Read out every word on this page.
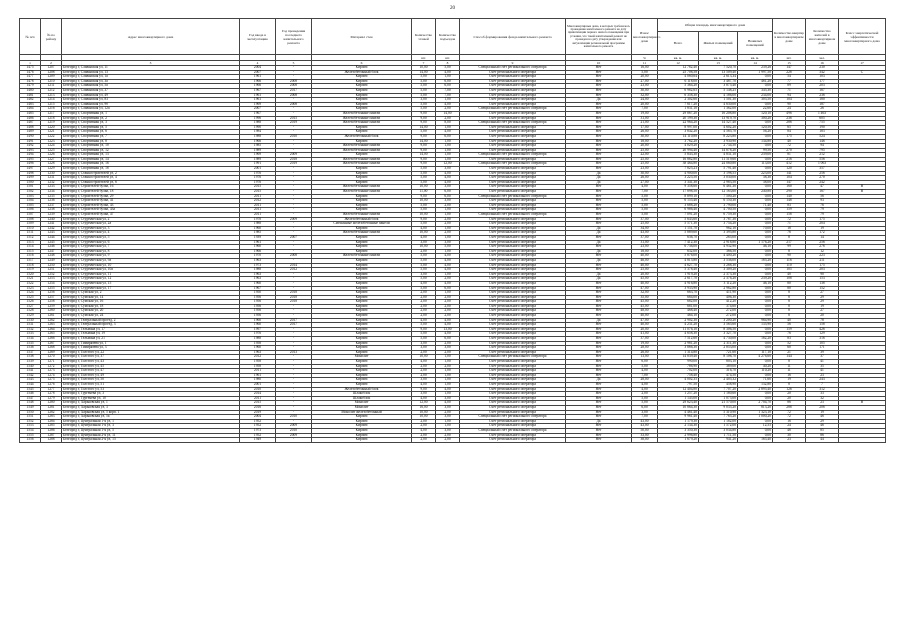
20
№ п/п	№ по району	Адрес многоквартирного дома	Год ввода в эксплуатацию	Год проведения последнего капитального ремонта	Материал стен	Количество этажей	Количество подъездов	Способ формирования фонда капитального ремонта	Многоквартирные дома, в которых требовалось проведение капитального ремонта на дату приватизации первого жилого помещения при условии, что такой капитальный ремонт не проведен на дату утверждения или актуализации региональной программы капитального ремонта	Износ многоквартирного дома	Общая площадь многоквартирного дома			Количество квартир в многоквартирном доме	Количество жителей в многоквартирном доме	Класс энергетической эффективности многоквартирного дома
											Всего	Жилых помещений	Нежилых помещений			
						шт.	шт.			%	кв. м.	кв. м.	кв. м.	шт.	чел.	
1	2	3	4	5	6	7	8	9	10	11	12	13	14	15	16	17
1475	1207	Белгород г, Славянская ул, 11	2004	-	Кирпич	10,00	5,00	Специальный счёт регионального оператора	Нет	16,00	12 782,40	7 520,70	239,26	147	230	
1476	1208	Белгород г, Славянская ул, 13	2007	-	Железобетонный блок	14,00	4,00	Счёт регионального оператора	Нет	5,00	25 708,58	13 509,40	1 997,50	228	342	С
1477	1209	Белгород г, Славянская ул, 1а	1961	-	Кирпич	5,00	1,00	Счёт регионального оператора	Нет	20,00	4 060,64	2 613,34	0,00	54	103	
1478	1210	Белгород г, Славянская ул, 3а	1966	2008	Кирпич	5,00	6,00	Счёт регионального оператора	Нет	27,00	6 118,00	3 487,70	461,20	77	177	
1479	1211	Белгород г, Славянская ул, 5а	1966	2008	Кирпич	5,00	6,00	Счёт регионального оператора	Нет	23,00	5 364,20	3 875,40	0,00	89	203	
1480	1212	Белгород г, Славянская ул, 37	1967	2017	Кирпич	5,00	7,00	Счёт регионального оператора	Нет	30,00	6 982,65	5 148,25	345,30	71	167	
1481	1213	Белгород г, Славянская ул, 49	1961	2008	Кирпич	5,00	7,00	Счёт регионального оператора	Нет	32,00	6 358,30	4 186,00	234,00	94	236	
1482	1214	Белгород г, Славянская ул, 83	1961	-	Кирпич	3,00	1,00	Счёт регионального оператора	Да	24,00	2 302,60	1 501,30	305,50	104	180	
1483	1215	Белгород г, Славянская ул, 9б	1969	2008	Кирпич	5,00	4,00	Счёт регионального оператора	Нет	20,00	7 617,20	4 630,00	0,00	90	187	
1484	1216	Белгород г, Славянская ул, 12а	2007	-	Кирпич	5,00	2,00	Специальный счёт регионального оператора	Нет	7,00	1 831,10	1 362,00	22,60	24	26	
1485	1217	Белгород г, Спортивная ул, 1	1967	-	Железобетонные панели	9,00	14,00	Счёт регионального оператора	Нет	19,00	29 867,20	16 208,80	120,10	496	1 463	
1486	1218	Белгород г, Спортивная ул, 2	1996	2015	Железобетонные панели	9,00	2,00	Счёт регионального оператора	Нет	31,00	20 199,30	13 919,70	300,20	236	605	
1487	1219	Белгород г, Спортивная ул, 3	1988	2019	Железобетонные панели	9,00	8,00	Специальный счёт регионального оператора	Нет	21,00	22 964,20	14 527,40	0,00	286	755	
1488	1220	Белгород г, Спортивная ул, 5	1990	-	Кирпич	14,00	1,00	Счёт регионального оператора	Нет	17,00	8 997,00	4 602,20	120,50	65	190	
1489	1221	Белгород г, Спортивная ул, 6	1984	-	Кирпич	5,00	4,00	Счёт регионального оператора	Нет	26,00	3 842,20	4 585,70	56,20	84	183	
1490	1222	Белгород г, Спортивная ул, 7	1988	2010	Железобетонный блок	9,00	6,00	Счёт регионального оператора	Нет	30,00	14 110,88	8 223,80	0,00	175	524	
1491	1223	Белгород г, Спортивная ул, 8	1966	-	Кирпич	14,00	1,00	Счёт регионального оператора	Нет	18,00	3 762,20	3 930,90	134,80	40	146	
1492	1224	Белгород г, Спортивная ул, 10	1985	-	Железобетонные панели	9,00	1,00	Счёт регионального оператора	Нет	20,00	4 029,20	2 734,50	0,00	72	94	
1493	1225	Белгород г, Спортивная ул, 12	1989	-	Железобетонные панели	9,00	1,00	Счёт регионального оператора	Нет	25,00	20 994,40	14 678,20	99,50	270	795	
1494	1226	Белгород г, Спортивная ул, 13	1969	2009	Кирпич	14,00	1,00	Специальный счёт регионального оператора	Нет	22,00	5 843,30	4 831,10	239,00	81	212	
1495	1227	Белгород г, Спортивная ул, 14	1989	2018	Железобетонные панели	9,00	1,00	Счёт регионального оператора	Нет	25,00	16 882,80	11 519,60	0,00	216	556	
1496	1228	Белгород г, Спортивная ул, 16	1991	2019	Железобетонные панели	9,00	12,00	Специальный счёт регионального оператора	Нет	25,00	38 464,80	24 060,80	113,00	412	1 063	
1497	1229	Белгород г, Спортивная ул, 18	2001	-	Кирпич	5,00	3,00	Счёт регионального оператора	Нет	23,00	7 825,23	5 791,40	0,00	120	357	
1498	1230	Белгород г, Станкостроителей ул, 2	1976	-	Кирпич	5,00	4,00	Счёт регионального оператора	Да	30,00	4 900,00	3 198,55	223,00	141	256	
1499	1231	Белгород г, Станкостроителей ул, 4	1976	-	Кирпич	5,00	4,00	Счёт регионального оператора	Да	26,00	3 225,50	3 030,00	38,30	104	270	
1500	1232	Белгород г, Станкостроителей ул, 6	1976	-	Кирпич	5,00	4,00	Счёт регионального оператора	Да	27,00	3 341,30	2 983,50	38,00	147	242	
1501	1233	Белгород г, Строителей бульв, 16	2015	-	Железобетонные панели	10,00	3,00	Счёт регионального оператора	Нет	4,00	9 358,60	6 461,30	0,00	160	47	В
1502	1234	Белгород г, Строителей бульв, 18	2015	-	Железобетонные панели	11,00	6,00	Счёт регионального оператора	Нет	7,00	17 898,50	12 163,60	240,80	290	167	В
1503	1235	Белгород г, Строителей бульв, 29	2011	-	Кирпич	9,00	6,00	Специальный счёт регионального оператора	Нет	5,00	8 899,10	7 500,20	0,00	140	56	
1504	1236	Белгород г, Строителей бульв, 41	2012	-	Кирпич	10,00	3,00	Счёт регионального оператора	Нет	5,00	6 155,40	6 150,30	0,00	148	93	
1505	1237	Белгород г, Строителей бульв, 43	2011	-	Кирпич	5,00	2,00	Счёт регионального оператора	Нет	5,00	3 688,20	3 790,00	71,40	83	76	
1506	1238	Белгород г, Строителей бульв, 43а	2011	-	Кирпич	5,00	1,00	Счёт регионального оператора	Нет	5,00	6 986,40	4 700,50	0,00	159	79	
1507	1239	Белгород г, Строителей бульв, 47	2011	-	Железобетонные панели	10,00	1,00	Специальный счёт регионального оператора	Нет	5,00	7 091,20	6 759,30	0,00	158	79	
1508	1240	Белгород г, Студенческая ул, 2	1978	2009	Железобетонный блок	9,00	2,00	Счёт регионального оператора	Нет	37,00	5 643,60	3 787,30	0,00	72	175	
1509	1241	Белгород г, Студенческая ул, 2а	1988	-	Смешанные железобетонные панели	5,00	2,00	Счёт регионального оператора	Нет	25,00	5 571,30	3 754,20	0,00	71	204	
1510	1242	Белгород г, Студенческая ул, 3	1960	-	Кирпич	4,00	1,00	Счёт регионального оператора	Да	34,00	1 151,70	962,10	70,00	18	19	
1511	1243	Белгород г, Студенческая ул, 4	1985	-	Железобетонные панели	10,00	2,00	Счёт регионального оператора	Да	43,00	5 889,60	3 395,80	0,00	76	172	
1512	1244	Белгород г, Студенческая ул, 5	1939	2007	Кирпич	4,00	1,00	Счёт регионального оператора	Нет	37,00	636,70	265,00	0,00	8	14	
1513	1245	Белгород г, Студенческая ул, 6	1961	-	Кирпич	3,00	3,00	Счёт регионального оператора	Да	31,00	7 412,30	2 918,80	1 176,20	217	256	
1514	1246	Белгород г, Студенческая ул, 7	1960	-	Кирпич	10,00	5,00	Счёт регионального оператора	Нет	23,00	6 736,00	4 932,90	46,10	99	276	
1515	1247	Белгород г, Студенческая ул, 8	1966	-	Кирпич	2,00	1,00	Счёт регионального оператора	Да	18,00	632,00	366,50	0,00	8	12	
1516	1248	Белгород г, Студенческая ул, 9	1970	2008	Железобетонные панели	5,00	4,00	Счёт регионального оператора	Нет	40,00	5 876,00	4 400,20	0,00	90	223	
1517	1249	Белгород г, Студенческая ул, 9а	1963	-	Кирпич	5,00	4,00	Счёт регионального оператора	Да	46,00	4 815,80	3 536,00	185,20	116	211	
1518	1250	Белгород г, Студенческая ул, 10	1973	2014	Кирпич	5,00	4,00	Счёт регионального оператора	Нет	40,00	4 627,70	3 268,30	0,00	110	175	
1519	1251	Белгород г, Студенческая ул, 10а	1988	2012	Кирпич	5,00	4,00	Счёт регионального оператора	Нет	25,00	5 378,40	3 309,20	0,00	105	203	
1520	1252	Белгород г, Студенческая ул, 11	1963	-	Кирпич	3,00	1,00	Счёт регионального оператора	Да	20,00	1 919,20	2 373,30	0,00	40	90	
1521	1253	Белгород г, Студенческая ул, 12	1963	-	Кирпич	5,00	2,00	Счёт регионального оператора	Да	45,00	2 617,70	2 376,20	239,20	108	153	
1522	1254	Белгород г, Студенческая ул, 15	1960	-	Кирпич	4,00	4,00	Счёт регионального оператора	Нет	40,00	4 916,80	3 112,20	46,10	80	138	
1523	1255	Белгород г, Студенческая ул, 17	1967	-	Кирпич	5,00	6,00	Счёт регионального оператора	Нет	47,00	3 933,90	2 962,80	0,00	80	152	
1524	1256	Белгород г, Сумская ул, 2	1950	2018	Кирпич	2,00	1,00	Счёт регионального оператора	Нет	32,00	663,70	411,90	0,00	8	27	
1525	1257	Белгород г, Сумская ул, 14	1956	2018	Кирпич	2,00	2,00	Счёт регионального оператора	Нет	35,00	684,00	406,30	0,00	8	29	
1526	1258	Белгород г, Сумская ул, 16	1956	2018	Кирпич	2,00	2,00	Счёт регионального оператора	Нет	45,00	682,00	412,20	0,00	8	29	
1527	1259	Белгород г, Сумская ул, 18	1956	-	Кирпич	2,00	2,00	Счёт регионального оператора	Нет	45,00	681,00	374,60	0,00	8	19	
1528	1260	Белгород г, Сумская ул, 20	1956	-	Кирпич	2,00	2,00	Счёт регионального оператора	Нет	48,00	468,40	272,00	0,00	8	27	
1529	1261	Белгород г, Сумская ул, 24	1956	-	Кирпич	2,00	2,00	Счёт регионального оператора	Нет	40,00	464,10	272,00	0,00	8	20	
1530	1262	Белгород г, Театральный проезд, 2	1960	2017	Кирпич	4,00	4,00	Счёт регионального оператора	Да	47,00	2 902,30	3 200,20	984,90	40	78	
1531	1263	Белгород г, Театральный проезд, 3	1960	2017	Кирпич	5,00	4,00	Счёт регионального оператора	Нет	40,00	4 231,20	3 565,60	135,90	56	158	
1532	1264	Белгород г, Тельмана ул, 17	1997	-	Кирпич	9,00	13,00	Счёт регионального оператора	Нет	20,00	11 076,10	8 306,50	0,00	159	426	
1533	1265	Белгород г, Тельмана ул, 19	1976	-	Кирпич	5,00	4,00	Счёт регионального оператора	Нет	41,00	4 658,30	3 327,70	0,00	76	129	
1534	1266	Белгород г, Тельмана ул, 21	1988	-	Кирпич	5,00	6,00	Счёт регионального оператора	Нет	37,00	7 512,60	4 730,00	182,20	83	316	
1535	1267	Белгород г, Тимирязева ул, 1	1958	-	Кирпич	3,00	2,00	Счёт регионального оператора	Нет	19,00	2 981,20	2 311,30	0,00	52	105	
1536	1268	Белгород г, Тимирязева ул, 3	1960	-	Кирпич	3,00	3,00	Счёт регионального оператора	Нет	28,00	3 866,30	2 853,00	0,00	60	171	
1537	1269	Белгород г, Толстого ул, 22	1963	2013	Кирпич	2,00	2,00	Счёт регионального оператора	Нет	26,00	1 314,80	721,60	117,10	21	39	
1538	1270	Белгород г, Толстого ул, 37	2012	-	Монолит	10,00	1,00	Специальный счёт регионального оператора	Нет	13,00	14 839,40	8 106,70	4 276,60	144	37	
1539	1271	Белгород г, Толстого ул, 43	1958	-	Кирпич	4,00	1,00	Счёт регионального оператора	Нет	6,00	990,00	803,10	0,00	8	41	
1540	1272	Белгород г, Толстого ул, 45	1958	-	Кирпич	2,00	2,00	Счёт регионального оператора	Нет	5,00	786,90	389,00	40,20	11	35	
1541	1273	Белгород г, Толстого ул, 47	2011	-	Кирпич	2,00	1,00	Счёт регионального оператора	Нет	4,00	702,00	316,70	110,20	11	41	
1542	1274	Белгород г, Толстого ул, 49	1961	-	Кирпич	2,00	1,00	Счёт регионального оператора	Нет	7,00	758,40	474,50	0,00	16	23	
1543	1275	Белгород г, Толстого ул, 50	1980	-	Кирпич	3,00	1,00	Счёт регионального оператора	Да	28,00	4 002,35	2 405,32	71,60	19	243	
1544	1276	Белгород г, Толстого ул, 51	2001	-	Кирпич	4,00	1,00	Счёт регионального оператора	Нет	4,00	797,50	458,90	132,80	8	7	
1545	1277	Белгород г, Толстого ул, 53	2010	-	Железобетонный блок	9,00	4,00	Счёт регионального оператора	Нет	4,00	12 404,80	7 707,20	2 895,40	126	312	
1546	1278	Белгород г, Тургенева ул, 3	2014	-	Шлакоблок	3,00	1,00	Счёт регионального оператора	Нет	2,00	1 257,20	1 180,60	0,00	20	33	
1547	1279	Белгород г, Тургенева ул, 10	2011	-	Шлакоблок	4,00	3,00	Счёт регионального оператора	Нет	5,00	1 145,00	1 075,00	0,00	20	32	
1548	1280	Белгород г, Харьковская ул, 1	2015	-	Монолит	12,00	4,00	Счёт регионального оператора	Нет	5,00	29 623,40	21 570,00	2 704,70	86	23	В
1549	1281	Белгород г, Харьковская ул, 3	2016	-	Монолит	16,00	3,00	Счёт регионального оператора	Нет	6,00	10 864,30	9 035,20	813,20	288	206	
1550	1282	Белгород г, Харьковская ул, 5 корп. 1	2019	-	Монолит железобетонный	10,00	2,00	Счёт регионального оператора	Нет	3,00	4 461,40	5 310,90	1 323,10	72	19	
1551	1283	Белгород г, Харьковская ул, 5а	2004	2010	Кирпич	10,00	3,00	Специальный счёт регионального оператора	Нет	7,00	9 961,40	7 765,20	1 000,20	72	46	
1552	1284	Белгород г, Центральная 1-я ул, 1	1952	-	Кирпич	2,00	1,00	Счёт регионального оператора	Да	43,00	1 179,30	1 182,00	0,00	16	29	
1553	1285	Белгород г, Центральная 1-я ул, 3	1952	2009	Кирпич	2,00	1,00	Счёт регионального оператора	Нет	43,00	2 134,30	1 572,00	12,55	24	46	
1554	1286	Белгород г, Центральная 1-я ул, 5	1973	2010	Кирпич	4,00	3,00	Специальный счёт регионального оператора	Нет	50,00	3 350,30	3 034,80	0,00	48	85	
1555	1287	Белгород г, Центральная 2-я ул, 11	1952	2009	Кирпич	2,00	2,00	Счёт регионального оператора	Нет	33,00	2 996,80	1 711,50	0,00	30	86	
1556	1288	Белгород г, Центральная 2-я ул, 15	1949	-	Кирпич	2,00	2,00	Счёт регионального оператора	Нет	38,00	1 679,20	941,20	165,40	23	44	
